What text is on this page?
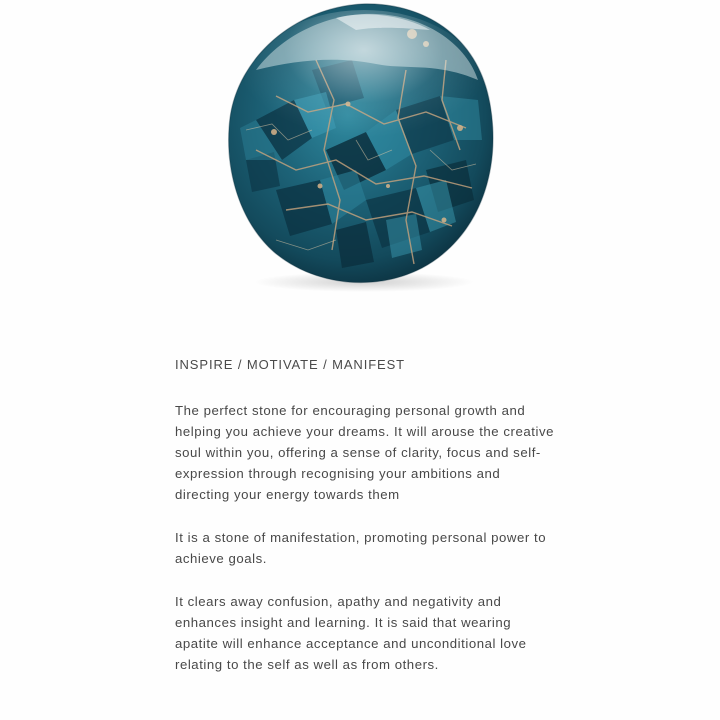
INSPIRE / MOTIVATE / MANIFEST

The perfect stone for encouraging personal growth and helping you achieve your dreams. It will arouse the creative soul within you, offering a sense of clarity, focus and self-expression through recognising your ambitions and directing your energy towards them

It is a stone of manifestation, promoting personal power to achieve goals.

It clears away confusion, apathy and negativity and enhances insight and learning. It is said that wearing apatite will enhance acceptance and unconditional love relating to the self as well as from others.
